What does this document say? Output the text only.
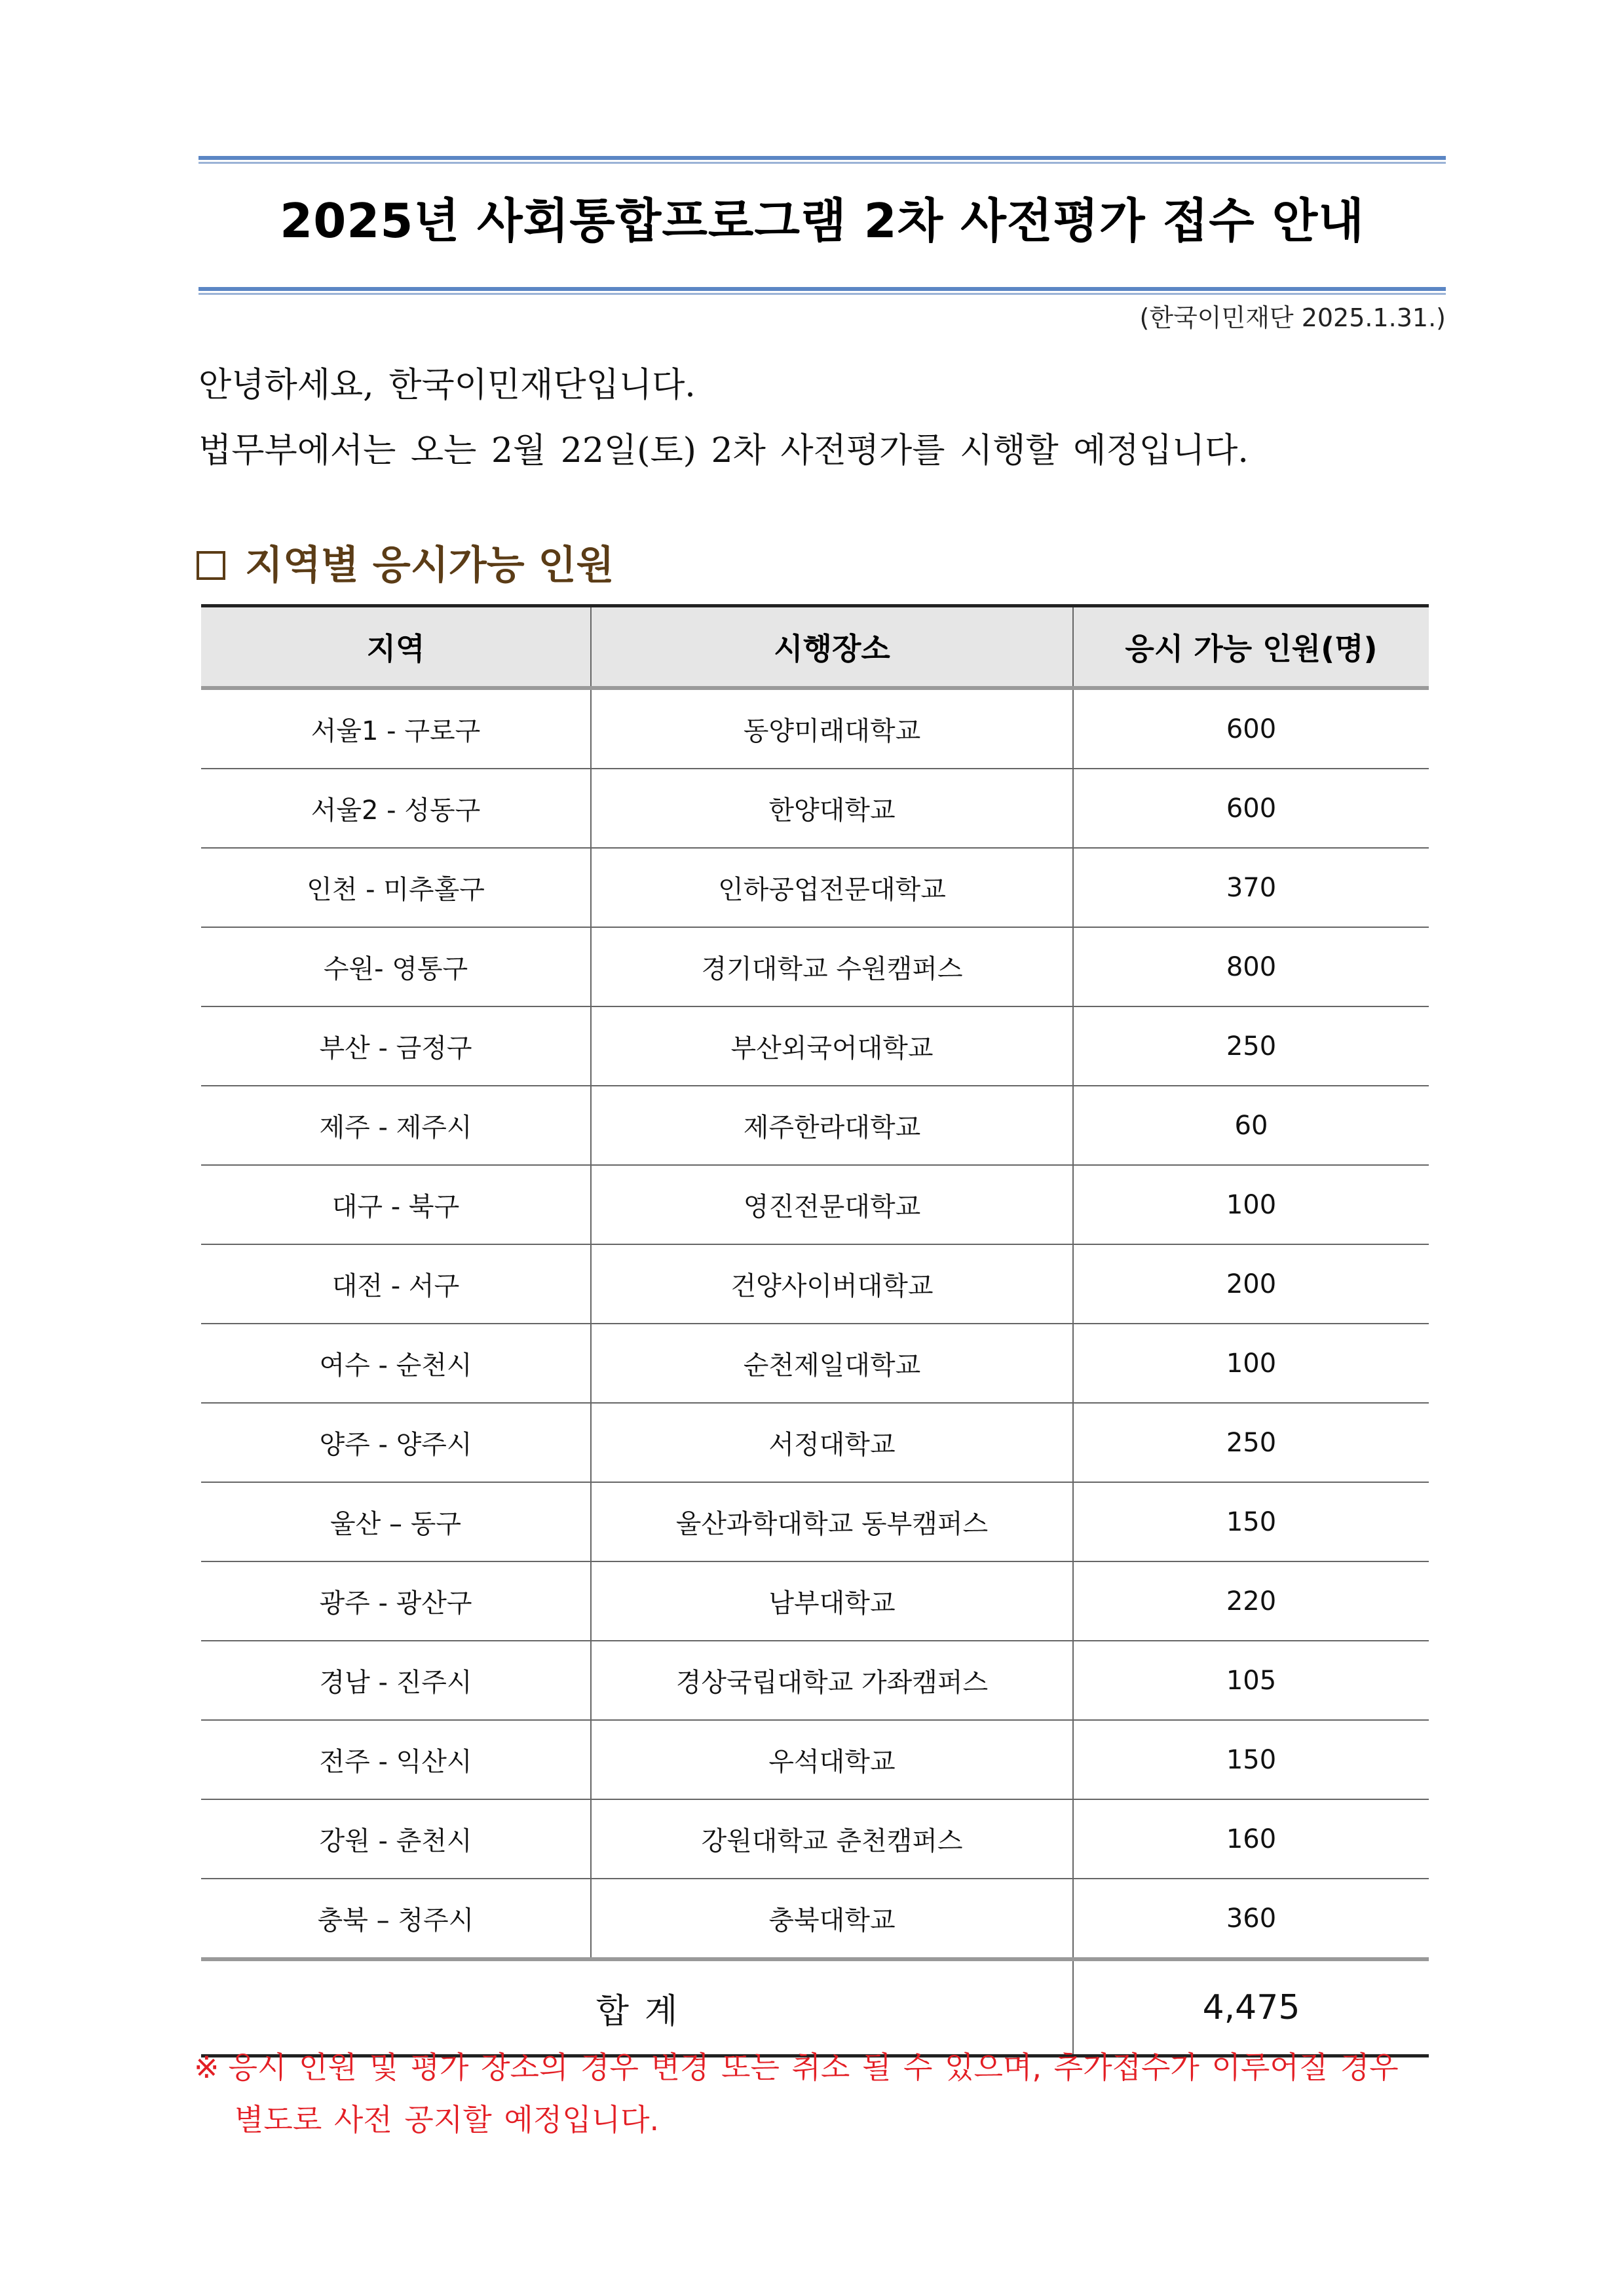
2025년 사회통합프로그램 2차 사전평가 접수 안내
(한국이민재단 2025.1.31.)
안녕하세요, 한국이민재단입니다.
법무부에서는 오는 2월 22일(토) 2차 사전평가를 시행할 예정입니다.
지역별 응시가능 인원
지역	시행장소	응시 가능 인원(명)
서울1 - 구로구	동양미래대학교	600
서울2 - 성동구	한양대학교	600
인천 - 미추홀구	인하공업전문대학교	370
수원- 영통구	경기대학교 수원캠퍼스	800
부산 - 금정구	부산외국어대학교	250
제주 - 제주시	제주한라대학교	60
대구 - 북구	영진전문대학교	100
대전 - 서구	건양사이버대학교	200
여수 - 순천시	순천제일대학교	100
양주 - 양주시	서정대학교	250
울산 – 동구	울산과학대학교 동부캠퍼스	150
광주 - 광산구	남부대학교	220
경남 - 진주시	경상국립대학교 가좌캠퍼스	105
전주 - 익산시	우석대학교	150
강원 - 춘천시	강원대학교 춘천캠퍼스	160
충북 – 청주시	충북대학교	360
합계		4,475
※ 응시 인원 및 평가 장소의 경우 변경 또는 취소 될 수 있으며, 추가접수가 이루어질 경우
별도로 사전 공지할 예정입니다.
